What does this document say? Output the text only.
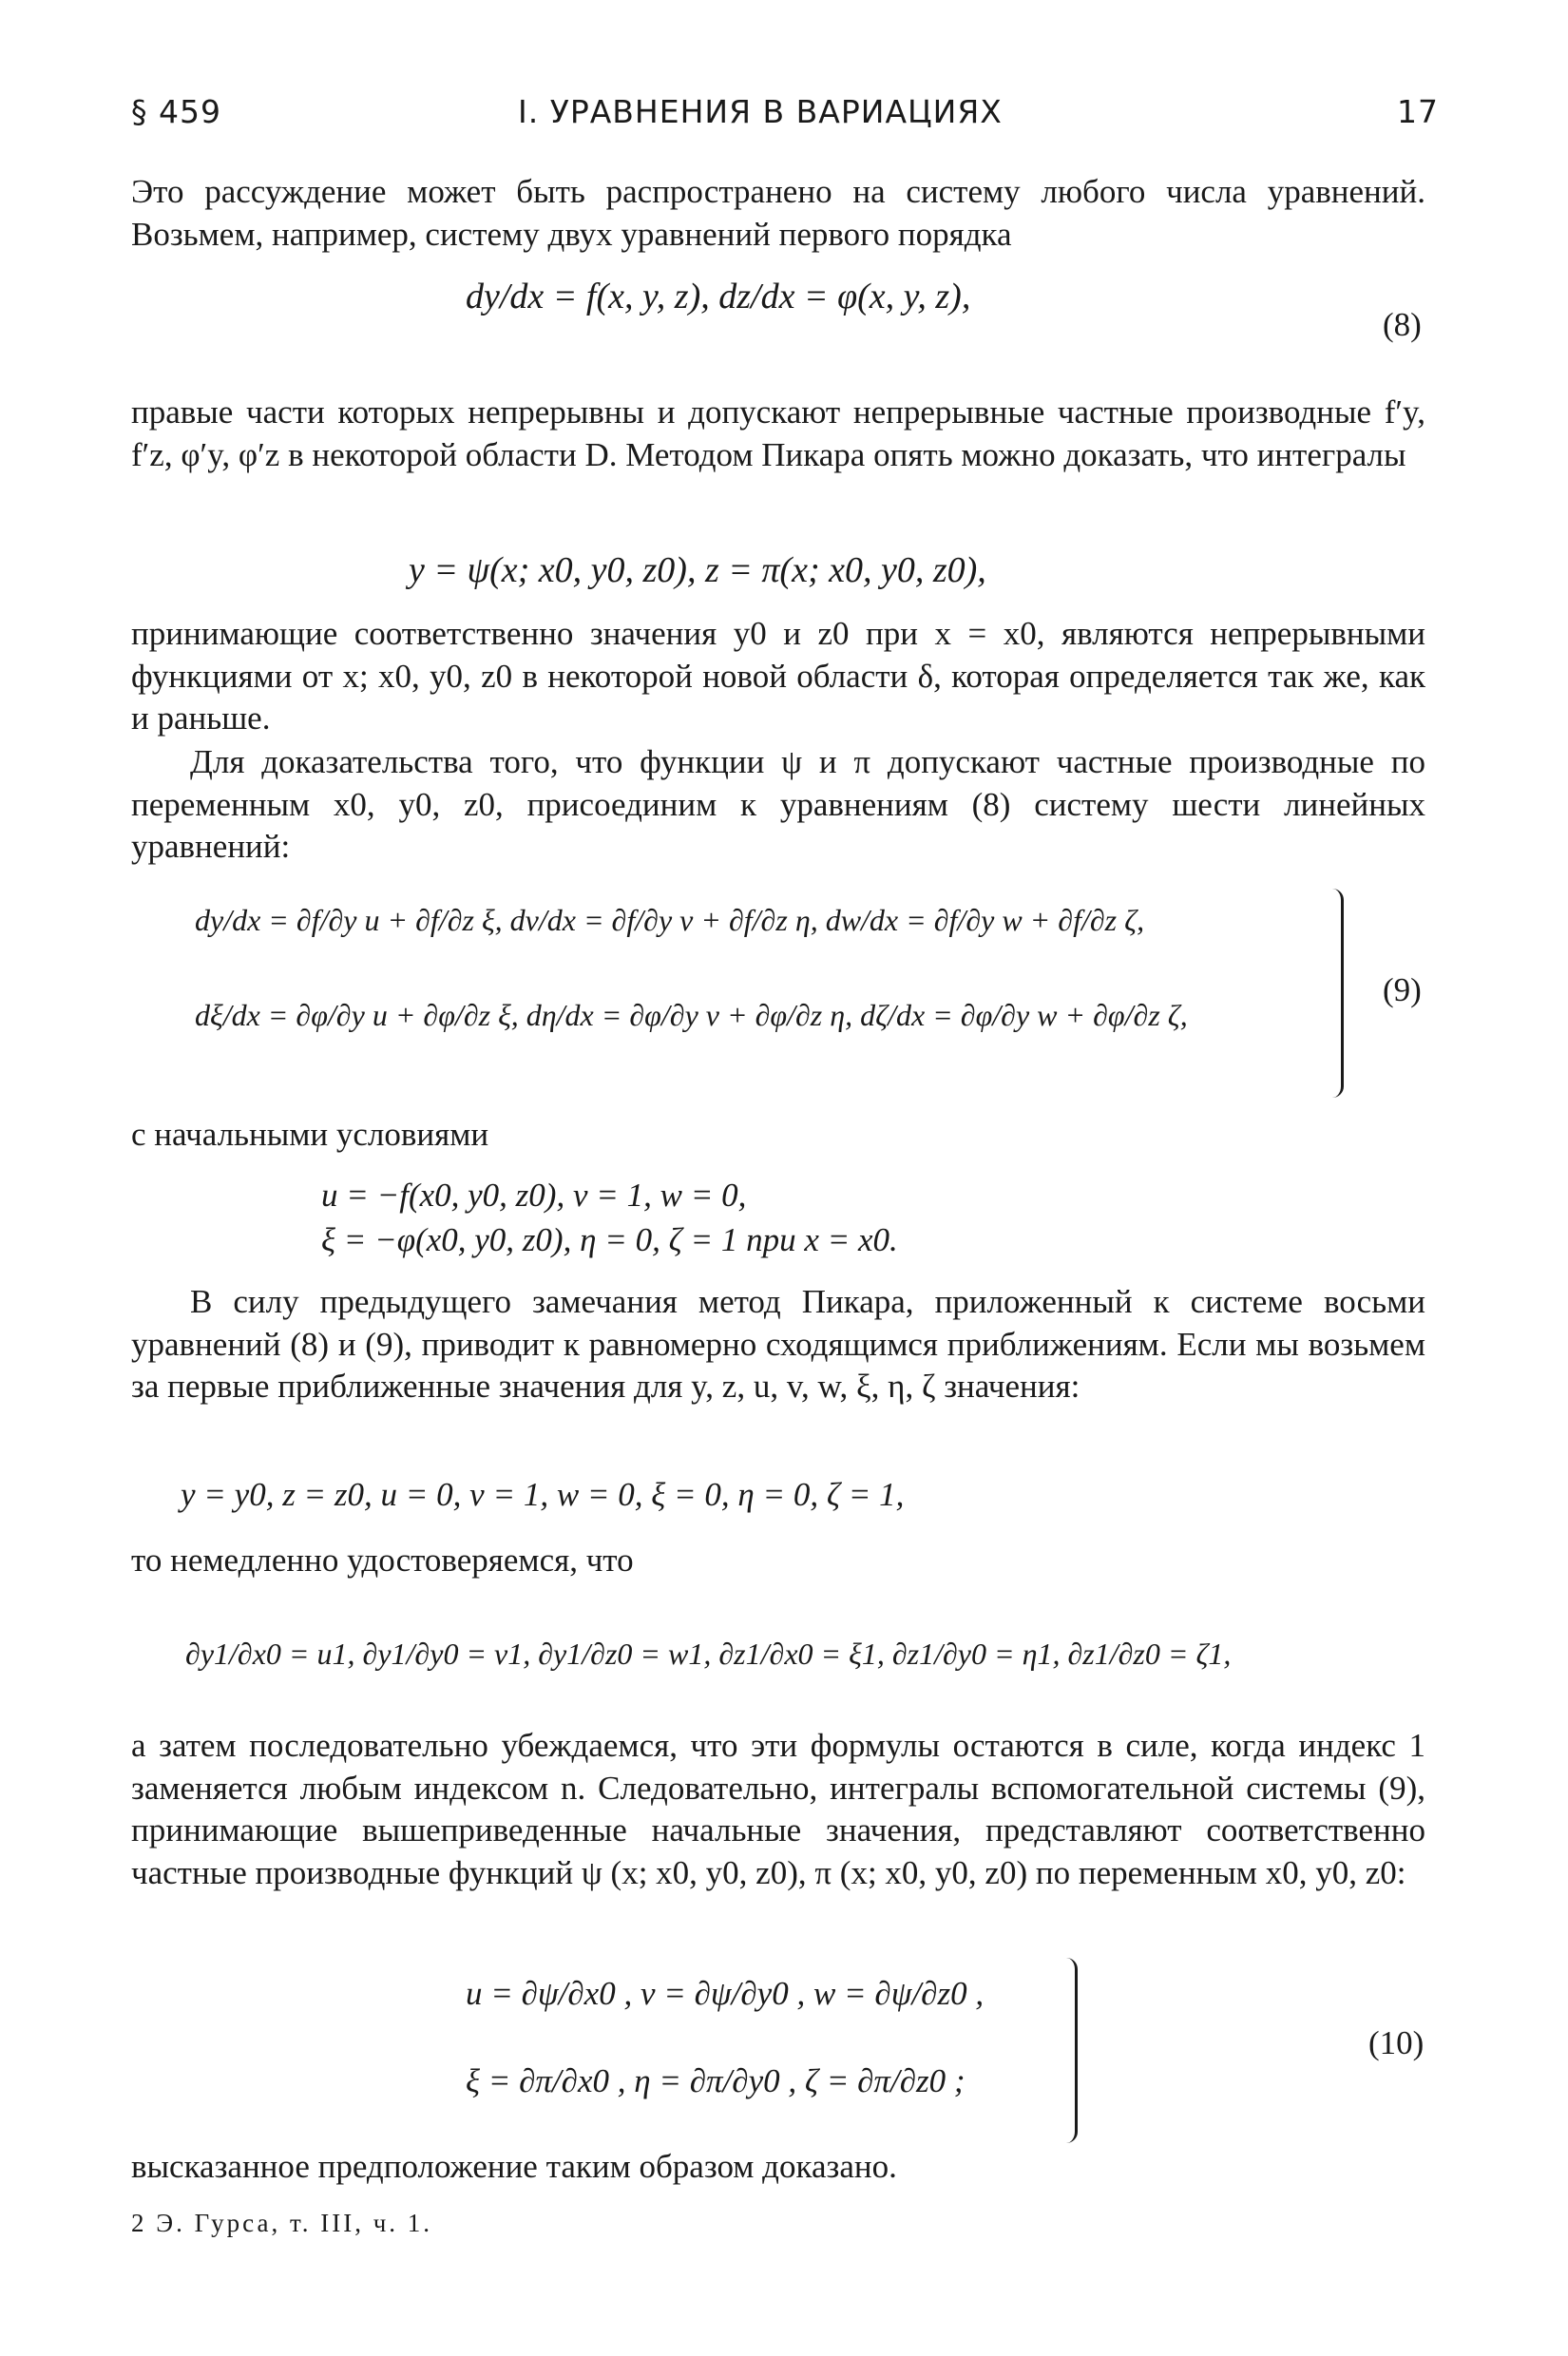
§ 459	I. УРАВНЕНИЯ В ВАРИАЦИЯХ	17
Это рассуждение может быть распространено на систему любого числа уравнений. Возьмем, например, систему двух уравнений первого порядка
dy/dx = f(x, y, z), dz/dx = φ(x, y, z),
(8)
правые части которых непрерывны и допускают непрерывные частные производные f′y, f′z, φ′y, φ′z в некоторой области D. Методом Пикара опять можно доказать, что интегралы
y = ψ(x; x0, y0, z0), z = π(x; x0, y0, z0),
принимающие соответственно значения y0 и z0 при x = x0, являются непрерывными функциями от x; x0, y0, z0 в некоторой новой области δ, которая определяется так же, как и раньше.
Для доказательства того, что функции ψ и π допускают частные производные по переменным x0, y0, z0, присоединим к уравнениям (8) систему шести линейных уравнений:
dy/dx = ∂f/∂y u + ∂f/∂z ξ, dv/dx = ∂f/∂y v + ∂f/∂z η, dw/dx = ∂f/∂y w + ∂f/∂z ζ,
dξ/dx = ∂φ/∂y u + ∂φ/∂z ξ, dη/dx = ∂φ/∂y v + ∂φ/∂z η, dζ/dx = ∂φ/∂y w + ∂φ/∂z ζ,
(9)
с начальными условиями
u = −f(x0, y0, z0), v = 1, w = 0,
ξ = −φ(x0, y0, z0), η = 0, ζ = 1 при x = x0.
В силу предыдущего замечания метод Пикара, приложенный к системе восьми уравнений (8) и (9), приводит к равномерно сходящимся приближениям. Если мы возьмем за первые приближенные значения для y, z, u, v, w, ξ, η, ζ значения:
y = y0, z = z0, u = 0, v = 1, w = 0, ξ = 0, η = 0, ζ = 1,
то немедленно удостоверяемся, что
∂y1/∂x0 = u1, ∂y1/∂y0 = v1, ∂y1/∂z0 = w1, ∂z1/∂x0 = ξ1, ∂z1/∂y0 = η1, ∂z1/∂z0 = ζ1,
а затем последовательно убеждаемся, что эти формулы остаются в силе, когда индекс 1 заменяется любым индексом n. Следовательно, интегралы вспомогательной системы (9), принимающие вышеприведенные начальные значения, представляют соответственно частные производные функций ψ (x; x0, y0, z0), π (x; x0, y0, z0) по переменным x0, y0, z0:
u = ∂ψ/∂x0 , v = ∂ψ/∂y0 , w = ∂ψ/∂z0 ,
ξ = ∂π/∂x0 , η = ∂π/∂y0 , ζ = ∂π/∂z0 ;
(10)
высказанное предположение таким образом доказано.
2 Э. Гурса, т. III, ч. 1.
